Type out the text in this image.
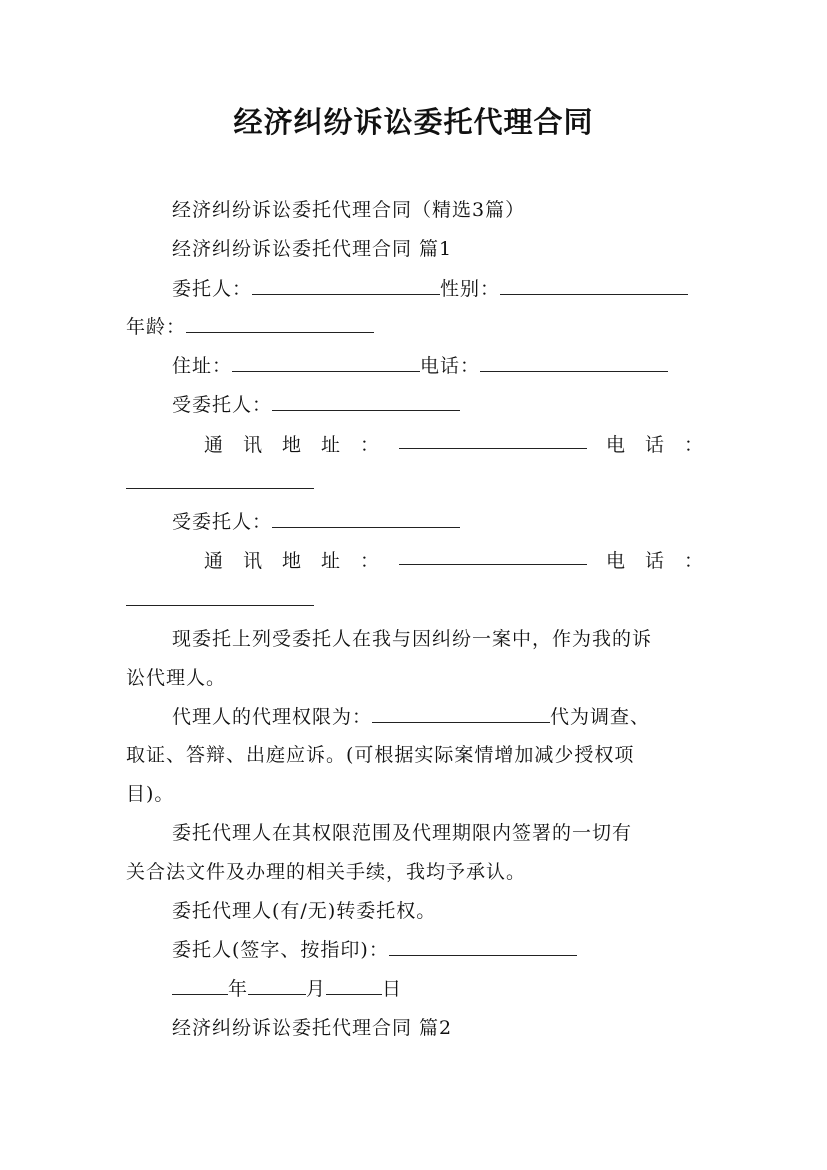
经济纠纷诉讼委托代理合同
经济纠纷诉讼委托代理合同（精选3篇）
经济纠纷诉讼委托代理合同 篇1
委托人：	性别：
年龄：
住址：	电话：
受委托人：
通 讯 地 址 ：	电 话 ：
受委托人：
通 讯 地 址 ：	电 话 ：
现委托上列受委托人在我与因纠纷一案中，作为我的诉
讼代理人。
代理人的代理权限为：	代为调查、
取证、答辩、出庭应诉。(可根据实际案情增加减少授权项
目)。
委托代理人在其权限范围及代理期限内签署的一切有
关合法文件及办理的相关手续，我均予承认。
委托代理人(有/无)转委托权。
委托人(签字、按指印)：
年	月	日
经济纠纷诉讼委托代理合同 篇2
